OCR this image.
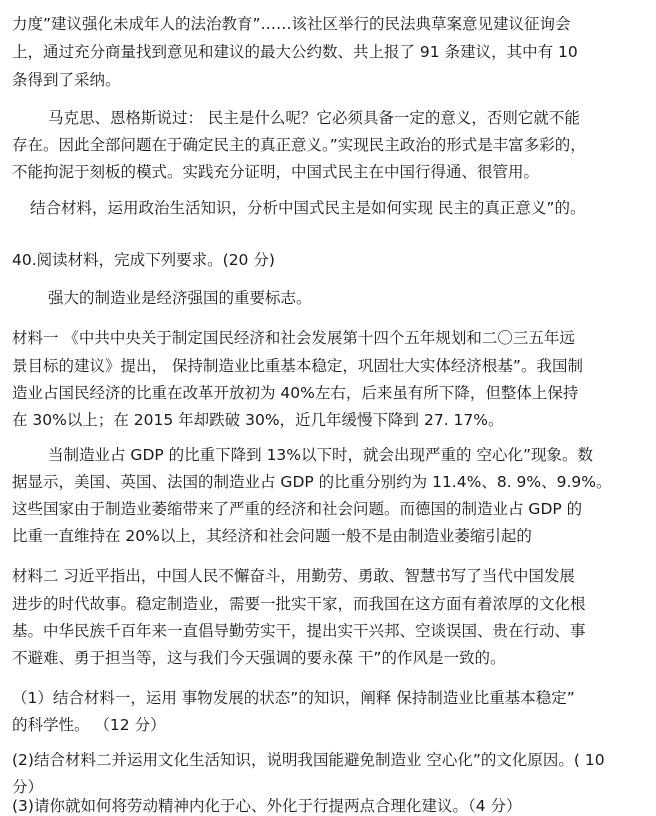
力度”建议强化未成年人的法治教育”……该社区举行的民法典草案意见建议征询会
上，通过充分商量找到意见和建议的最大公约数、共上报了 91 条建议，其中有 10
条得到了采纳。
马克思、恩格斯说过： 民主是什么呢？它必须具备一定的意义，否则它就不能
存在。因此全部问题在于确定民主的真正意义。”实现民主政治的形式是丰富多彩的，
不能拘泥于刻板的模式。实践充分证明，中国式民主在中国行得通、很管用。
结合材料，运用政治生活知识，分析中国式民主是如何实现 民主的真正意义”的。
40.阅读材料，完成下列要求。(20 分)
强大的制造业是经济强国的重要标志。
材料一 《中共中央关于制定国民经济和社会发展第十四个五年规划和二〇三五年远
景目标的建议》提出， 保持制造业比重基本稳定，巩固壮大实体经济根基”。我国制
造业占国民经济的比重在改革开放初为 40%左右，后来虽有所下降，但整体上保持
在 30%以上；在 2015 年却跌破 30%，近几年缓慢下降到 27. 17%。
当制造业占 GDP 的比重下降到 13%以下时，就会出现严重的 空心化”现象。数
据显示，美国、英国、法国的制造业占 GDP 的比重分别约为 11.4%、8. 9%、9.9%。
这些国家由于制造业萎缩带来了严重的经济和社会问题。而德国的制造业占 GDP 的
比重一直维持在 20%以上，其经济和社会问题一般不是由制造业萎缩引起的
材料二 习近平指出，中国人民不懈奋斗，用勤劳、勇敢、智慧书写了当代中国发展
进步的时代故事。稳定制造业，需要一批实干家，而我国在这方面有着浓厚的文化根
基。中华民族千百年来一直倡导勤劳实干，提出实干兴邦、空谈误国、贵在行动、事
不避难、勇于担当等，这与我们今天强调的要永葆 干”的作风是一致的。
（1）结合材料一，运用 事物发展的状态”的知识，阐释 保持制造业比重基本稳定”
的科学性。 （12 分）
(2)结合材料二并运用文化生活知识，说明我国能避免制造业 空心化”的文化原因。( 10
分）
(3)请你就如何将劳动精神内化于心、外化于行提两点合理化建议。（4 分）
